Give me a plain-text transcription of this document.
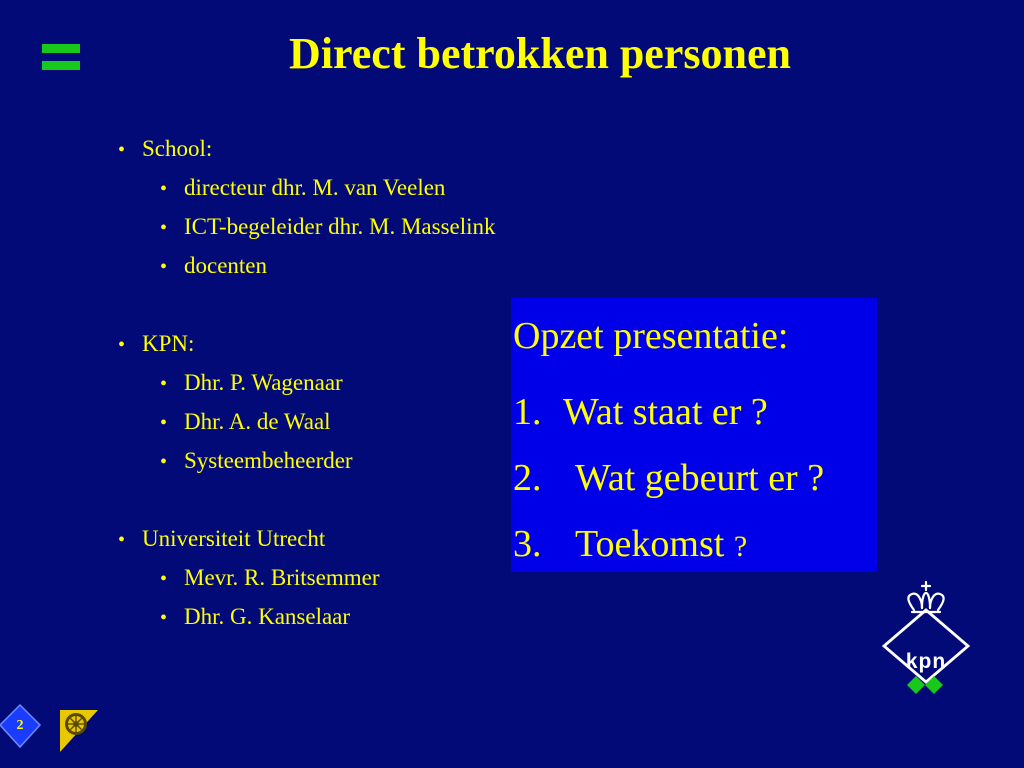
Direct betrokken personen
• School:
• directeur dhr. M. van Veelen
• ICT-begeleider dhr. M. Masselink
• docenten
• KPN:
• Dhr. P. Wagenaar
• Dhr. A. de Waal
• Systeembeheerder
• Universiteit Utrecht
• Mevr. R. Britsemmer
• Dhr. G. Kanselaar
Opzet presentatie:
1. Wat staat er ?
2. Wat gebeurt er ?
3. Toekomst ?
kpn
2
